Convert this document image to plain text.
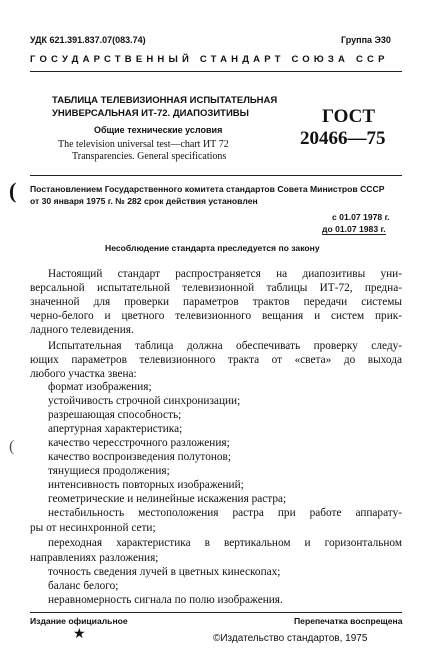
УДК 621.391.837.07(083.74)	Группа Э30
ГОСУДАРСТВЕННЫЙ СТАНДАРТ СОЮЗА ССР
ТАБЛИЦА ТЕЛЕВИЗИОННАЯ ИСПЫТАТЕЛЬНАЯ
УНИВЕРСАЛЬНАЯ ИТ-72. ДИАПОЗИТИВЫ
Общие технические условия
The television universal test—chart ИТ 72
Transparencies. General specifications
ГОСТ
20466—75
(
(
Постановлением Государственного комитета стандартов Совета Министров СССР
от 30 января 1975 г. № 282 срок действия установлен
с 01.07 1978 г.
до 01.07 1983 г.
Несоблюдение стандарта преследуется по закону
Настоящий стандарт распространяется на диапозитивы уни-
версальной испытательной телевизионной таблицы ИТ-72, предна-
значенной для проверки параметров трактов передачи системы
черно-белого и цветного телевизионного вещания и систем прик-
ладного телевидения.
Испытательная таблица должна обеспечивать проверку следу-
ющих параметров телевизионного тракта от «света» до выхода
любого участка звена:
формат изображения;
устойчивость строчной синхронизации;
разрешающая способность;
апертурная характеристика;
качество чересстрочного разложения;
качество воспроизведения полутонов;
тянущиеся продолжения;
интенсивность повторных изображений;
геометрические и нелинейные искажения растра;
нестабильность местоположения растра при работе аппарату-
ры от несинхронной сети;
переходная характеристика в вертикальном и горизонтальном
направлениях разложения;
точность сведения лучей в цветных кинескопах;
баланс белого;
неравномерность сигнала по полю изображения.
Издание официальное	Перепечатка воспрещена
★	©Издательство стандартов, 1975
